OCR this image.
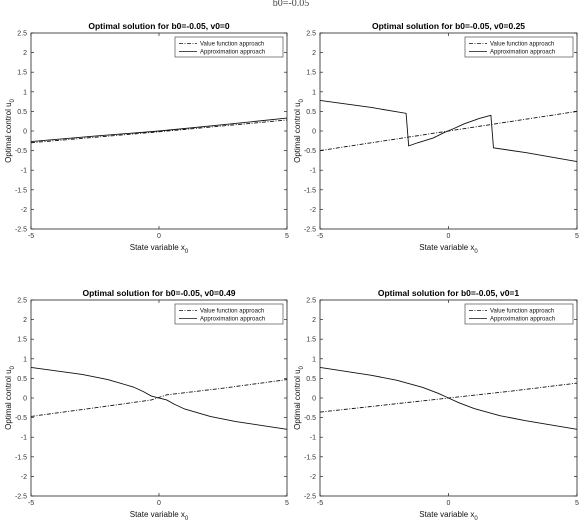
b0=-0.05
Optimal solution for b0=-0.05, v0=0
-2.5
-2
-1.5
-1
-0.5
0
0.5
1
1.5
2
2.5
-5	0	5
State variable $x_0$
Optimal control $u_0$
Value function approach
Approximation approach
Optimal solution for b0=-0.05, v0=0.25
-2.5
-2
-1.5
-1
-0.5
0
0.5
1
1.5
2
2.5
-5	0	5
State variable $x_0$
Optimal control $u_0$
Value function approach
Approximation approach
Optimal solution for b0=-0.05, v0=0.49
-2.5
-2
-1.5
-1
-0.5
0
0.5
1
1.5
2
2.5
-5	0	5
State variable $x_0$
Optimal control $u_0$
Value function approach
Approximation approach
Optimal solution for b0=-0.05, v0=1
-2.5
-2
-1.5
-1
-0.5
0
0.5
1
1.5
2
2.5
-5	0	5
State variable $x_0$
Optimal control $u_0$
Value function approach
Approximation approach
